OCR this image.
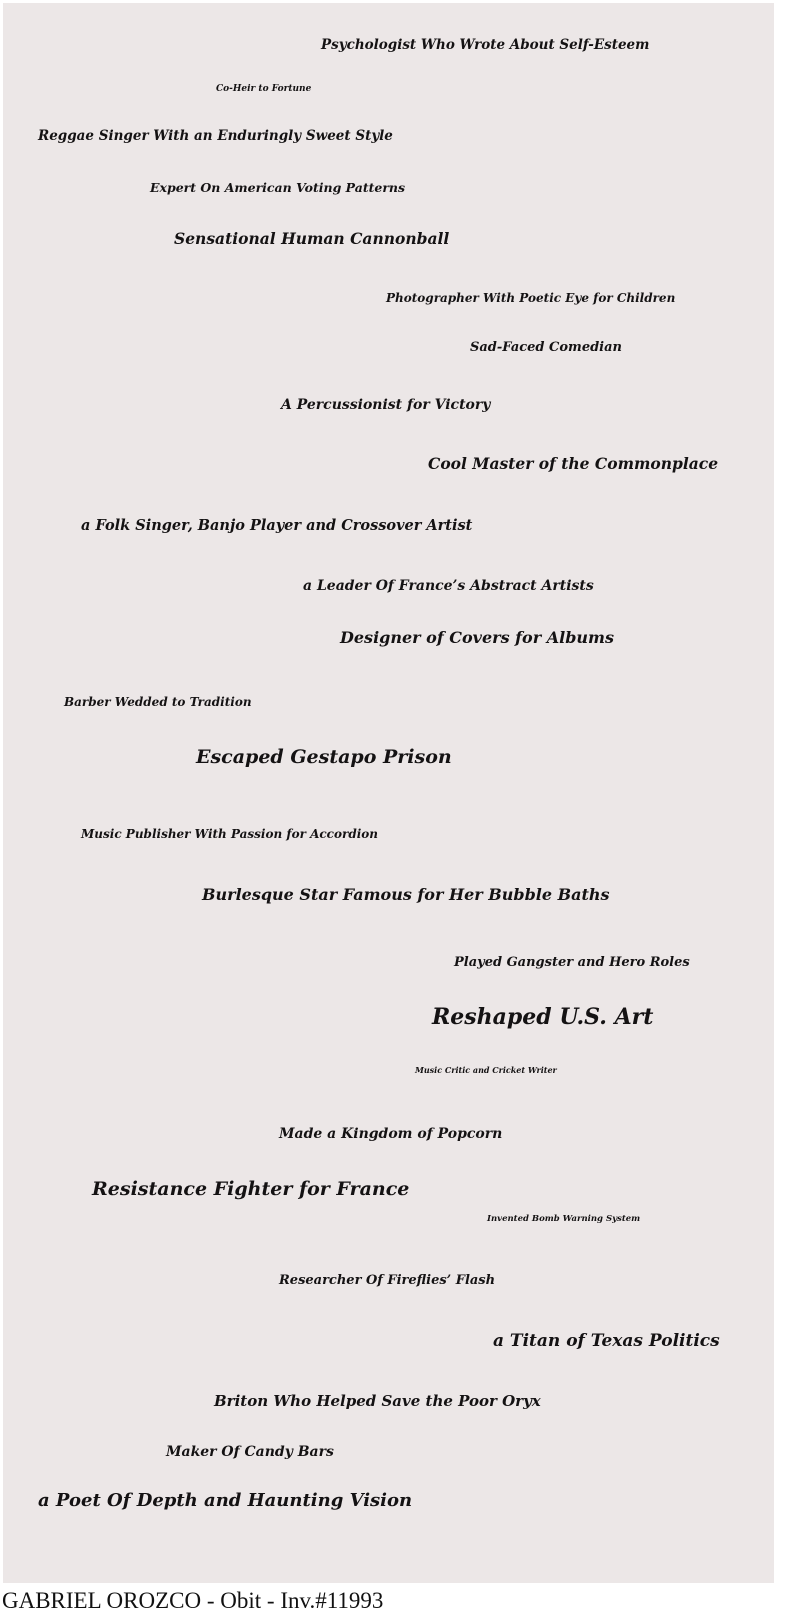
Psychologist Who Wrote About Self-Esteem

Co-Heir to Fortune

Reggae Singer With an Enduringly Sweet Style

Expert On American Voting Patterns

Sensational Human Cannonball

Photographer With Poetic Eye for Children

Sad-Faced Comedian

A Percussionist for Victory

Cool Master of the Commonplace

a Folk Singer, Banjo Player and Crossover Artist

a Leader Of France’s Abstract Artists

Designer of Covers for Albums

Barber Wedded to Tradition

Escaped Gestapo Prison

Music Publisher With Passion for Accordion

Burlesque Star Famous for Her Bubble Baths

Played Gangster and Hero Roles

Reshaped U.S. Art

Music Critic and Cricket Writer

Made a Kingdom of Popcorn

Resistance Fighter for France

Invented Bomb Warning System

Researcher Of Fireflies’ Flash

a Titan of Texas Politics

Briton Who Helped Save the Poor Oryx

Maker Of Candy Bars

a Poet Of Depth and Haunting Vision

GABRIEL OROZCO - Obit - Inv.#11993
